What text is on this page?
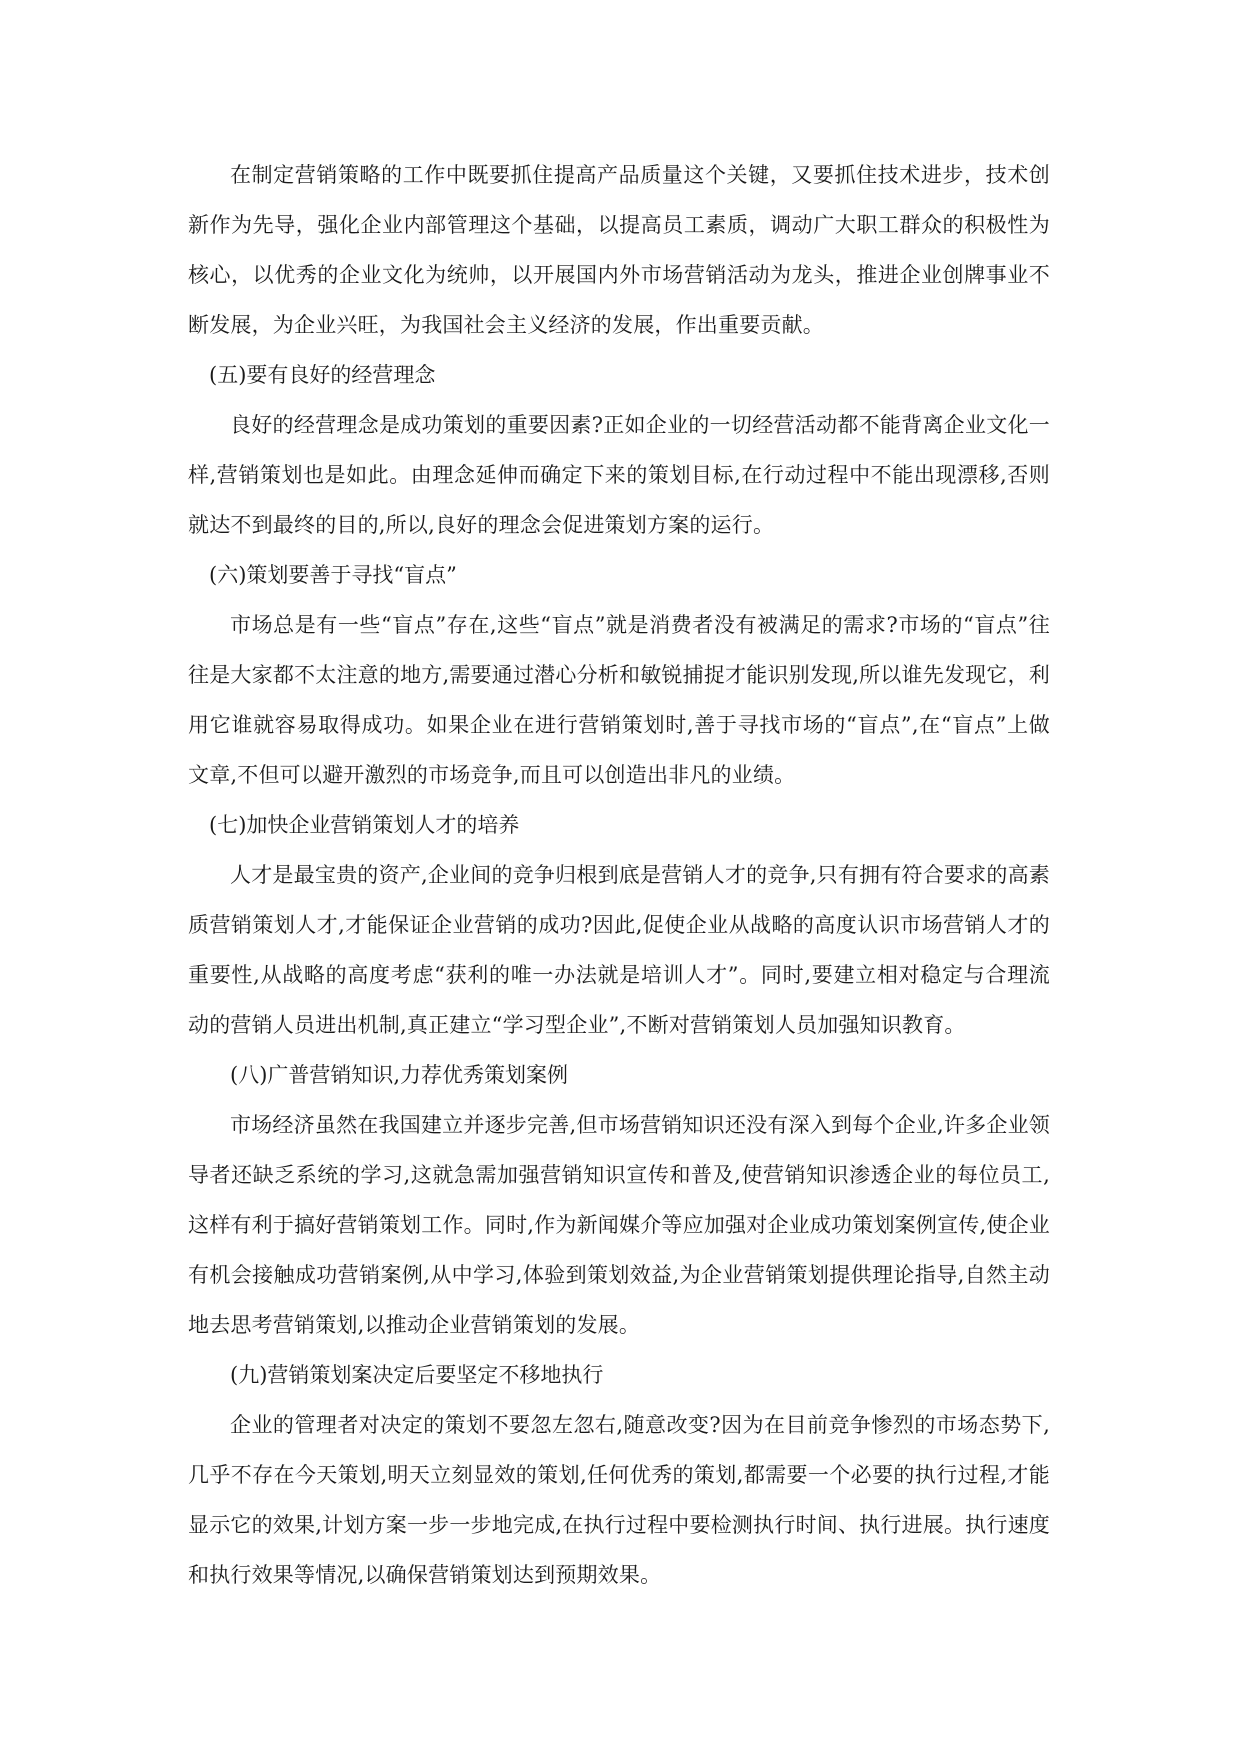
在制定营销策略的工作中既要抓住提高产品质量这个关键，又要抓住技术进步，技术创新作为先导，强化企业内部管理这个基础，以提高员工素质，调动广大职工群众的积极性为核心，以优秀的企业文化为统帅，以开展国内外市场营销活动为龙头，推进企业创牌事业不断发展，为企业兴旺，为我国社会主义经济的发展，作出重要贡献。

(五)要有良好的经营理念

良好的经营理念是成功策划的重要因素?正如企业的一切经营活动都不能背离企业文化一样,营销策划也是如此。由理念延伸而确定下来的策划目标,在行动过程中不能出现漂移,否则就达不到最终的目的,所以,良好的理念会促进策划方案的运行。

(六)策划要善于寻找“盲点”

市场总是有一些“盲点”存在,这些“盲点”就是消费者没有被满足的需求?市场的“盲点”往往是大家都不太注意的地方,需要通过潜心分析和敏锐捕捉才能识别发现,所以谁先发现它，利用它谁就容易取得成功。如果企业在进行营销策划时,善于寻找市场的“盲点”,在“盲点”上做文章,不但可以避开激烈的市场竞争,而且可以创造出非凡的业绩。

(七)加快企业营销策划人才的培养

人才是最宝贵的资产,企业间的竞争归根到底是营销人才的竞争,只有拥有符合要求的高素质营销策划人才,才能保证企业营销的成功?因此,促使企业从战略的高度认识市场营销人才的重要性,从战略的高度考虑“获利的唯一办法就是培训人才”。同时,要建立相对稳定与合理流动的营销人员进出机制,真正建立“学习型企业”,不断对营销策划人员加强知识教育。

(八)广普营销知识,力荐优秀策划案例

市场经济虽然在我国建立并逐步完善,但市场营销知识还没有深入到每个企业,许多企业领导者还缺乏系统的学习,这就急需加强营销知识宣传和普及,使营销知识渗透企业的每位员工,这样有利于搞好营销策划工作。同时,作为新闻媒介等应加强对企业成功策划案例宣传,使企业有机会接触成功营销案例,从中学习,体验到策划效益,为企业营销策划提供理论指导,自然主动地去思考营销策划,以推动企业营销策划的发展。

(九)营销策划案决定后要坚定不移地执行

企业的管理者对决定的策划不要忽左忽右,随意改变?因为在目前竞争惨烈的市场态势下,几乎不存在今天策划,明天立刻显效的策划,任何优秀的策划,都需要一个必要的执行过程,才能显示它的效果,计划方案一步一步地完成,在执行过程中要检测执行时间、执行进展。执行速度和执行效果等情况,以确保营销策划达到预期效果。
